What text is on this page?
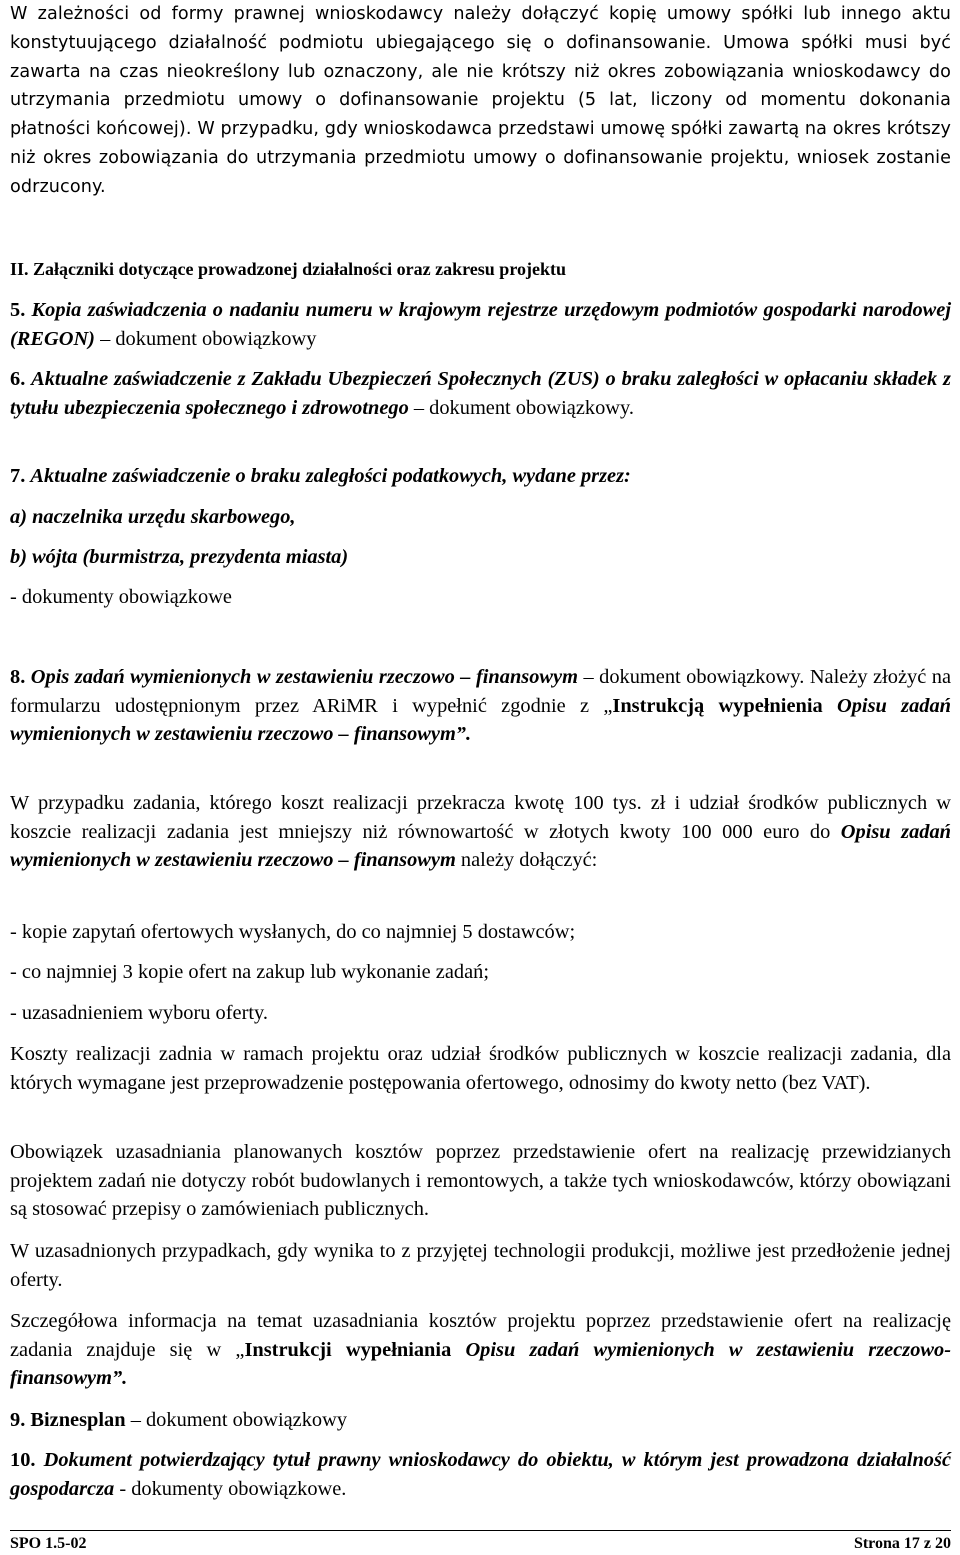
W zależności od formy prawnej wnioskodawcy należy dołączyć kopię umowy spółki lub innego aktu konstytuującego działalność podmiotu ubiegającego się o dofinansowanie. Umowa spółki musi być zawarta na czas nieokreślony lub oznaczony, ale nie krótszy niż okres zobowiązania wnioskodawcy do utrzymania przedmiotu umowy o dofinansowanie projektu (5 lat, liczony od momentu dokonania płatności końcowej). W przypadku, gdy wnioskodawca przedstawi umowę spółki zawartą na okres krótszy niż okres zobowiązania do utrzymania przedmiotu umowy o dofinansowanie projektu, wniosek zostanie odrzucony.

II. Załączniki dotyczące prowadzonej działalności oraz zakresu projektu

5. Kopia zaświadczenia o nadaniu numeru w krajowym rejestrze urzędowym podmiotów gospodarki narodowej (REGON) – dokument obowiązkowy

6. Aktualne zaświadczenie z Zakładu Ubezpieczeń Społecznych (ZUS) o braku zaległości w opłacaniu składek z tytułu ubezpieczenia społecznego i zdrowotnego – dokument obowiązkowy.

7. Aktualne zaświadczenie o braku zaległości podatkowych, wydane przez:

a) naczelnika urzędu skarbowego,

b) wójta (burmistrza, prezydenta miasta)

- dokumenty obowiązkowe

8. Opis zadań wymienionych w zestawieniu rzeczowo – finansowym – dokument obowiązkowy. Należy złożyć na formularzu udostępnionym przez ARiMR i wypełnić zgodnie z „Instrukcją wypełnienia Opisu zadań wymienionych w zestawieniu rzeczowo – finansowym”.

W przypadku zadania, którego koszt realizacji przekracza kwotę 100 tys. zł i udział środków publicznych w koszcie realizacji zadania jest mniejszy niż równowartość w złotych kwoty 100 000 euro do Opisu zadań wymienionych w zestawieniu rzeczowo – finansowym należy dołączyć:

- kopie zapytań ofertowych wysłanych, do co najmniej 5 dostawców;

- co najmniej 3 kopie ofert na zakup lub wykonanie zadań;

- uzasadnieniem wyboru oferty.

Koszty realizacji zadnia w ramach projektu oraz udział środków publicznych w koszcie realizacji zadania, dla których wymagane jest przeprowadzenie postępowania ofertowego, odnosimy do kwoty netto (bez VAT).

Obowiązek uzasadniania planowanych kosztów poprzez przedstawienie ofert na realizację przewidzianych projektem zadań nie dotyczy robót budowlanych i remontowych, a także tych wnioskodawców, którzy obowiązani są stosować przepisy o zamówieniach publicznych.

W uzasadnionych przypadkach, gdy wynika to z przyjętej technologii produkcji, możliwe jest przedłożenie jednej oferty.

Szczegółowa informacja na temat uzasadniania kosztów projektu poprzez przedstawienie ofert na realizację zadania znajduje się w „Instrukcji wypełniania Opisu zadań wymienionych w zestawieniu rzeczowo-finansowym”.

9. Biznesplan – dokument obowiązkowy

10. Dokument potwierdzający tytuł prawny wnioskodawcy do obiektu, w którym jest prowadzona działalność gospodarcza - dokumenty obowiązkowe.

SPO 1.5-02	Strona 17 z 20
